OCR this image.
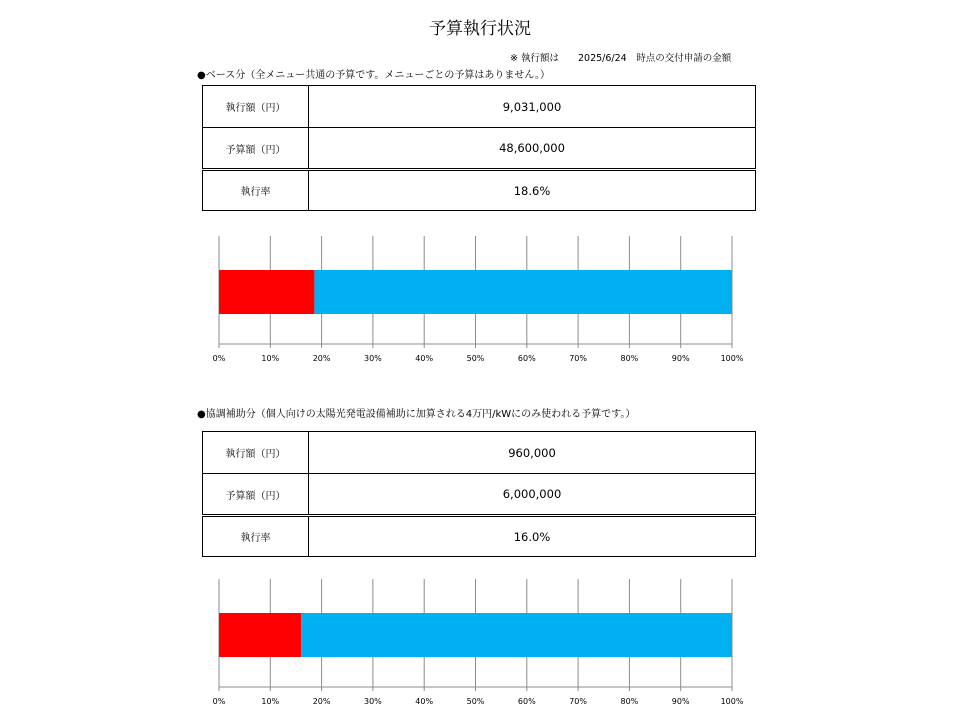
予算執行状況
※ 執行額は　　2025/6/24　時点の交付申請の金額
●ベース分（全メニュー共通の予算です。メニューごとの予算はありません。）
執行額（円）	9,031,000
予算額（円）	48,600,000
執行率	18.6%
0%	10%	20%	30%	40%	50%	60%	70%	80%	90%	100%
●協調補助分（個人向けの太陽光発電設備補助に加算される4万円/kWにのみ使われる予算です。）
執行額（円）	960,000
予算額（円）	6,000,000
執行率	16.0%
0%	10%	20%	30%	40%	50%	60%	70%	80%	90%	100%
